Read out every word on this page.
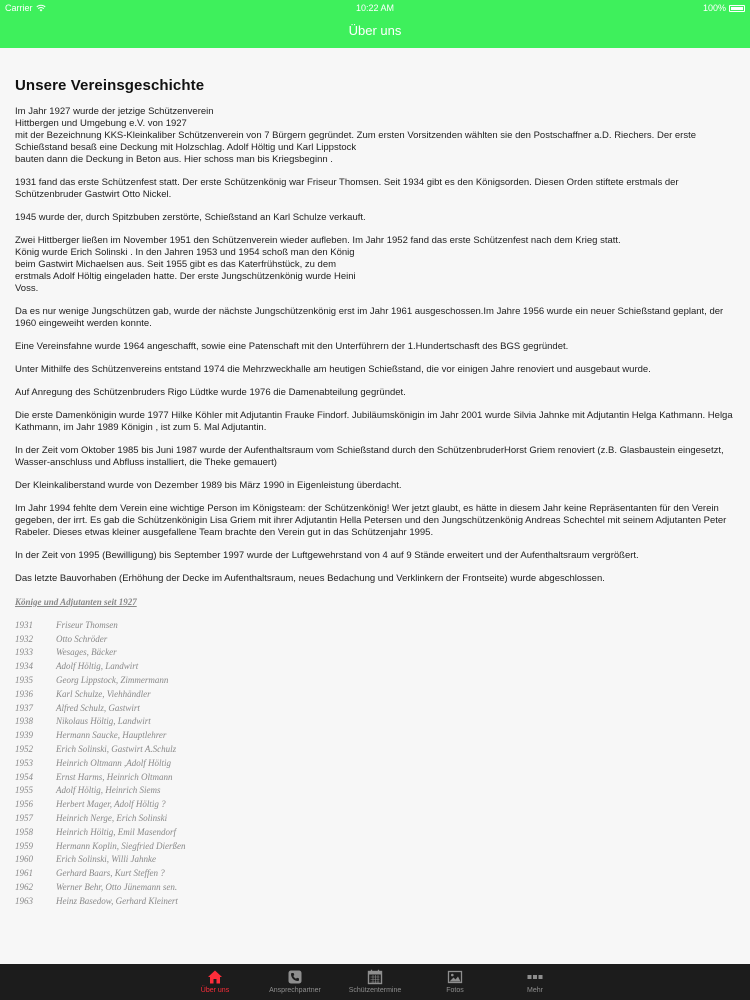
Carrier	10:22 AM	100%
Über uns
Unsere Vereinsgeschichte

Im Jahr 1927 wurde der jetzige Schützenverein
Hittbergen und Umgebung e.V. von 1927
mit der Bezeichnung KKS-Kleinkaliber Schützenverein von 7 Bürgern gegründet. Zum ersten Vorsitzenden wählten sie den Postschaffner a.D. Riechers. Der erste
Schießstand besaß eine Deckung mit Holzschlag. Adolf Höltig und Karl Lippstock
bauten dann die Deckung in Beton aus. Hier schoss man bis Kriegsbeginn .

1931 fand das erste Schützenfest statt. Der erste Schützenkönig war Friseur Thomsen. Seit 1934 gibt es den Königsorden. Diesen Orden stiftete erstmals der Schützenbruder Gastwirt Otto Nickel.

1945 wurde der, durch Spitzbuben zerstörte, Schießstand an Karl Schulze verkauft.

Zwei Hittberger ließen im November 1951 den Schützenverein wieder aufleben. Im Jahr 1952 fand das erste Schützenfest nach dem Krieg statt.
König wurde Erich Solinski . In den Jahren 1953 und 1954 schoß man den König
beim Gastwirt Michaelsen aus. Seit 1955 gibt es das Katerfrühstück, zu dem
erstmals Adolf Höltig eingeladen hatte. Der erste Jungschützenkönig wurde Heini
Voss.

Da es nur wenige Jungschützen gab, wurde der nächste Jungschützenkönig erst im Jahr 1961 ausgeschossen.Im Jahre 1956 wurde ein neuer Schießstand geplant, der
1960 eingeweiht werden konnte.

Eine Vereinsfahne wurde 1964 angeschafft, sowie eine Patenschaft mit den Unterführern der 1.Hundertschasft des BGS gegründet.

Unter Mithilfe des Schützenvereins entstand 1974 die Mehrzweckhalle am heutigen Schießstand, die vor einigen Jahre renoviert und ausgebaut wurde.

Auf Anregung des Schützenbruders Rigo Lüdtke wurde 1976 die Damenabteilung gegründet.

Die erste Damenkönigin wurde 1977 Hilke Köhler mit Adjutantin Frauke Findorf. Jubiläumskönigin im Jahr 2001 wurde Silvia Jahnke mit Adjutantin Helga Kathmann. Helga Kathmann, im Jahr 1989 Königin , ist zum 5. Mal Adjutantin.

In der Zeit vom Oktober 1985 bis Juni 1987 wurde der Aufenthaltsraum vom Schießstand durch den SchützenbruderHorst Griem renoviert (z.B. Glasbaustein eingesetzt, Wasser-anschluss und Abfluss installiert, die Theke gemauert)

Der Kleinkaliberstand wurde von Dezember 1989 bis März 1990 in Eigenleistung überdacht.

Im Jahr 1994 fehlte dem Verein eine wichtige Person im Königsteam: der Schützenkönig! Wer jetzt glaubt, es hätte in diesem Jahr keine Repräsentanten für den Verein gegeben, der irrt. Es gab die Schützenkönigin Lisa Griem mit ihrer Adjutantin Hella Petersen und den Jungschützenkönig Andreas Schechtel mit seinem Adjutanten Peter Rabeler. Dieses etwas kleiner ausgefallene Team brachte den Verein gut in das Schützenjahr 1995.

In der Zeit von 1995 (Bewilligung) bis September 1997 wurde der Luftgewehrstand von 4 auf 9 Stände erweitert und der Aufenthaltsraum vergrößert.

Das letzte Bauvorhaben (Erhöhung der Decke im Aufenthaltsraum, neues Bedachung und Verklinkern der Frontseite) wurde abgeschlossen.

Könige und Adjutanten seit 1927
1931	Friseur Thomsen
1932	Otto Schröder
1933	Wesages, Bäcker
1934	Adolf Höltig, Landwirt
1935	Georg Lippstock, Zimmermann
1936	Karl Schulze, Viehhändler
1937	Alfred Schulz, Gastwirt
1938	Nikolaus Höltig, Landwirt
1939	Hermann Saucke, Hauptlehrer
1952	Erich Solinski, Gastwirt A.Schulz
1953	Heinrich Oltmann ,Adolf Höltig
1954	Ernst Harms, Heinrich Oltmann
1955	Adolf Höltig, Heinrich Siems
1956	Herbert Mager, Adolf Höltig ?
1957	Heinrich Nerge, Erich Solinski
1958	Heinrich Höltig, Emil Masendorf
1959	Hermann Koplin, Siegfried Dierßen
1960	Erich Solinski, Willi Jahnke
1961	Gerhard Baars, Kurt Steffen ?
1962	Werner Behr, Otto Jünemann sen.
1963	Heinz Basedow, Gerhard Kleinert
Über uns	Ansprechpartner	Schützentermine	Fotos	Mehr
